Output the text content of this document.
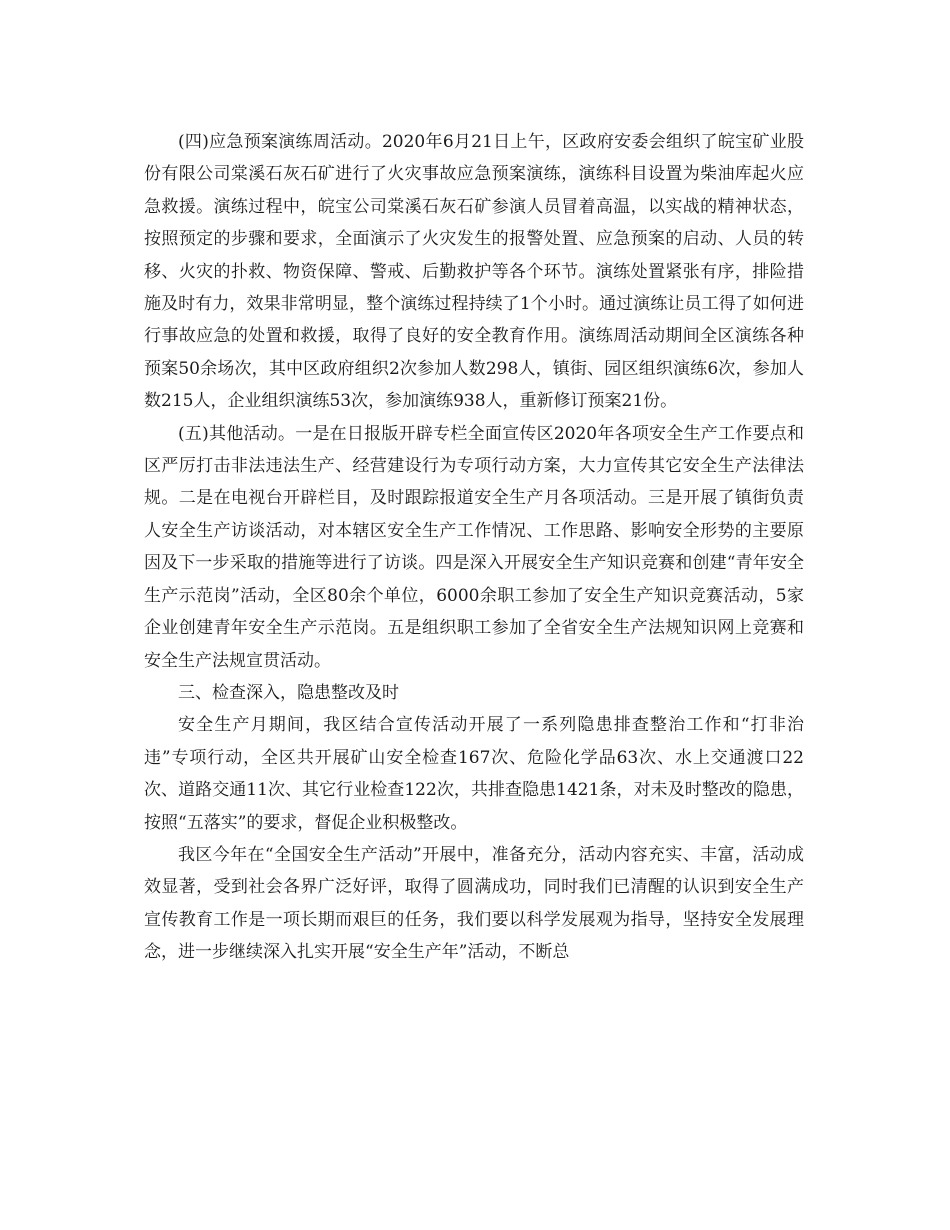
(四)应急预案演练周活动。2020年6月21日上午，区政府安委会组织了皖宝矿业股份有限公司棠溪石灰石矿进行了火灾事故应急预案演练，演练科目设置为柴油库起火应急救援。演练过程中，皖宝公司棠溪石灰石矿参演人员冒着高温，以实战的精神状态，按照预定的步骤和要求，全面演示了火灾发生的报警处置、应急预案的启动、人员的转移、火灾的扑救、物资保障、警戒、后勤救护等各个环节。演练处置紧张有序，排险措施及时有力，效果非常明显，整个演练过程持续了1个小时。通过演练让员工得了如何进行事故应急的处置和救援，取得了良好的安全教育作用。演练周活动期间全区演练各种预案50余场次，其中区政府组织2次参加人数298人，镇街、园区组织演练6次，参加人数215人，企业组织演练53次，参加演练938人，重新修订预案21份。

(五)其他活动。一是在日报版开辟专栏全面宣传区2020年各项安全生产工作要点和区严厉打击非法违法生产、经营建设行为专项行动方案，大力宣传其它安全生产法律法规。二是在电视台开辟栏目，及时跟踪报道安全生产月各项活动。三是开展了镇街负责人安全生产访谈活动，对本辖区安全生产工作情况、工作思路、影响安全形势的主要原因及下一步采取的措施等进行了访谈。四是深入开展安全生产知识竞赛和创建“青年安全生产示范岗”活动，全区80余个单位，6000余职工参加了安全生产知识竞赛活动，5家企业创建青年安全生产示范岗。五是组织职工参加了全省安全生产法规知识网上竞赛和安全生产法规宣贯活动。

三、检查深入，隐患整改及时

安全生产月期间，我区结合宣传活动开展了一系列隐患排查整治工作和“打非治违”专项行动，全区共开展矿山安全检查167次、危险化学品63次、水上交通渡口22次、道路交通11次、其它行业检查122次，共排查隐患1421条，对未及时整改的隐患，按照“五落实”的要求，督促企业积极整改。

我区今年在“全国安全生产活动”开展中，准备充分，活动内容充实、丰富，活动成效显著，受到社会各界广泛好评，取得了圆满成功，同时我们已清醒的认识到安全生产宣传教育工作是一项长期而艰巨的任务，我们要以科学发展观为指导，坚持安全发展理念，进一步继续深入扎实开展“安全生产年”活动，不断总
